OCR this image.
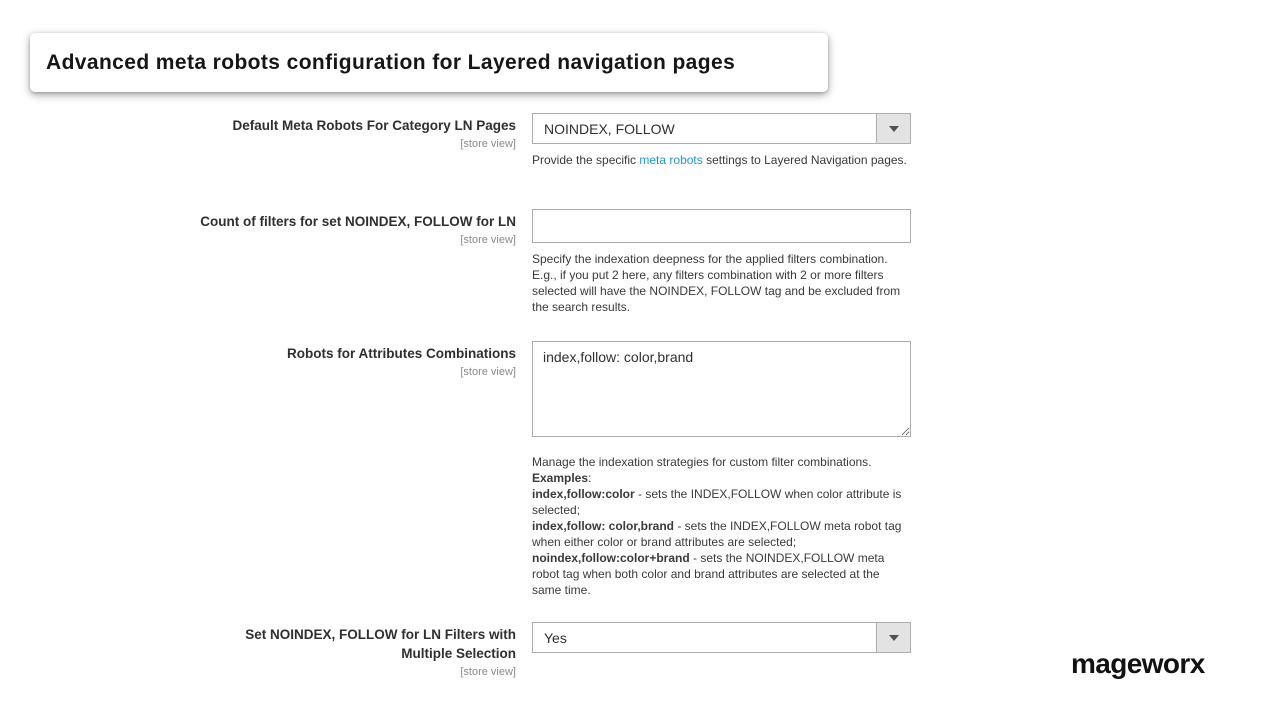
Advanced meta robots configuration for Layered navigation pages
Default Meta Robots For Category LN Pages
[store view]
NOINDEX, FOLLOW

Provide the specific meta robots settings to Layered Navigation pages.

Count of filters for set NOINDEX, FOLLOW for LN
[store view]

Specify the indexation deepness for the applied filters combination. E.g., if you put 2 here, any filters combination with 2 or more filters selected will have the NOINDEX, FOLLOW tag and be excluded from the search results.

Robots for Attributes Combinations
[store view]
index,follow: color,brand
Manage the indexation strategies for custom filter combinations.
Examples:
index,follow:color - sets the INDEX,FOLLOW when color attribute is selected;
index,follow: color,brand - sets the INDEX,FOLLOW meta robot tag when either color or brand attributes are selected;
noindex,follow:color+brand - sets the NOINDEX,FOLLOW meta robot tag when both color and brand attributes are selected at the same time.
Set NOINDEX, FOLLOW for LN Filters with Multiple Selection
[store view]
Yes
mageworx
